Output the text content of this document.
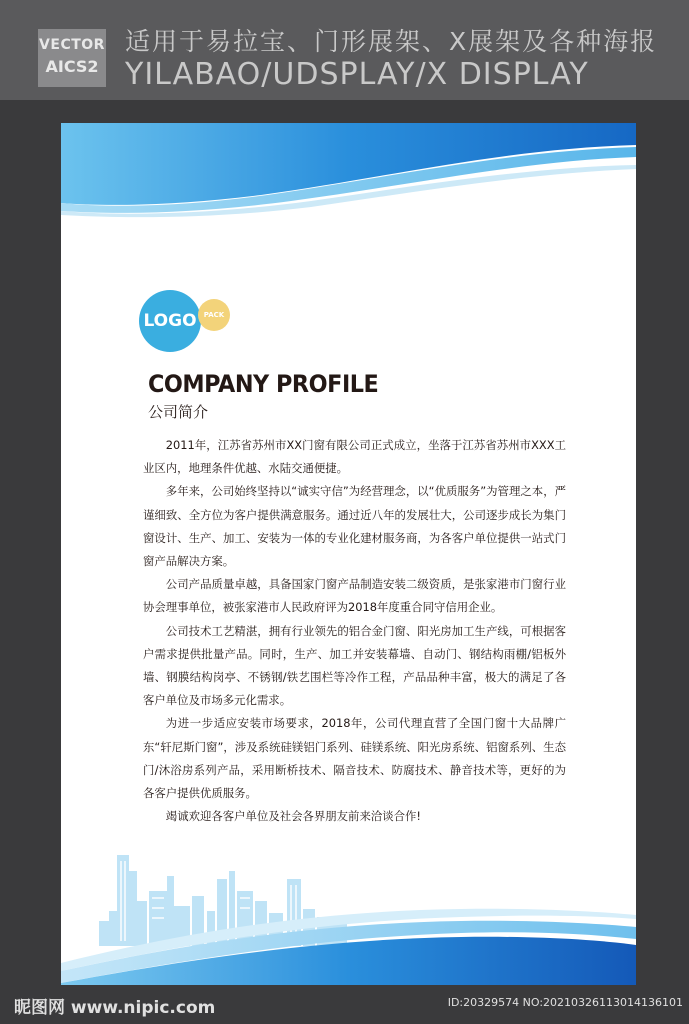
VECTOR
AICS2
适用于易拉宝、门形展架、X展架及各种海报
YILABAO/UDSPLAY/X DISPLAY
LOGO	PACK
COMPANY PROFILE
公司简介

2011年，江苏省苏州市XX门窗有限公司正式成立，坐落于江苏省苏州市XXX工业区内，地理条件优越、水陆交通便捷。

多年来，公司始终坚持以“诚实守信”为经营理念，以“优质服务”为管理之本，严谨细致、全方位为客户提供满意服务。通过近八年的发展壮大，公司逐步成长为集门窗设计、生产、加工、安装为一体的专业化建材服务商，为各客户单位提供一站式门窗产品解决方案。

公司产品质量卓越，具备国家门窗产品制造安装二级资质，是张家港市门窗行业协会理事单位，被张家港市人民政府评为2018年度重合同守信用企业。

公司技术工艺精湛，拥有行业领先的铝合金门窗、阳光房加工生产线，可根据客户需求提供批量产品。同时，生产、加工并安装幕墙、自动门、钢结构雨棚/铝板外墙、钢膜结构岗亭、不锈钢/铁艺围栏等冷作工程，产品品种丰富，极大的满足了各客户单位及市场多元化需求。

为进一步适应安装市场要求，2018年，公司代理直营了全国门窗十大品牌广东“轩尼斯门窗”，涉及系统硅镁铝门系列、硅镁系统、阳光房系统、铝窗系列、生态门/沐浴房系列产品，采用断桥技术、隔音技术、防腐技术、静音技术等，更好的为各客户提供优质服务。

竭诚欢迎各客户单位及社会各界朋友前来洽谈合作!

昵图网 www.nipic.com	ID:20329574 NO:20210326113014136101
